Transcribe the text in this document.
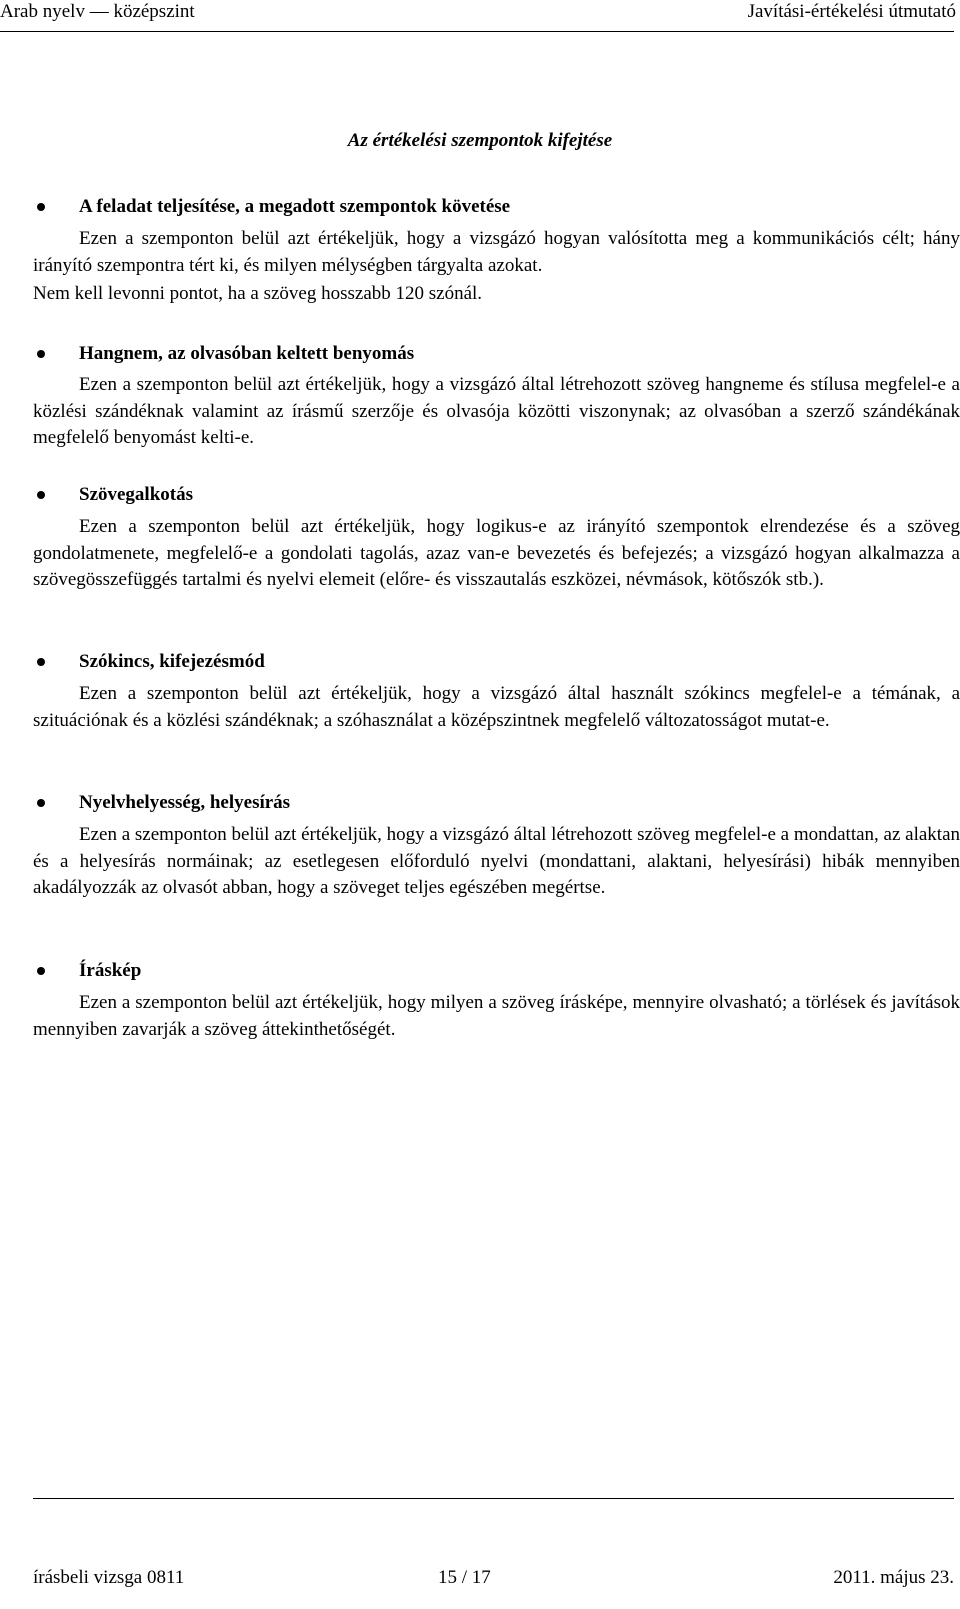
Arab nyelv — középszint	Javítási-értékelési útmutató
Az értékelési szempontok kifejtése
A feladat teljesítése, a megadott szempontok követése
Ezen a szemponton belül azt értékeljük, hogy a vizsgázó hogyan valósította meg a kommunikációs célt; hány irányító szempontra tért ki, és milyen mélységben tárgyalta azokat.
Nem kell levonni pontot, ha a szöveg hosszabb 120 szónál.
Hangnem, az olvasóban keltett benyomás
Ezen a szemponton belül azt értékeljük, hogy a vizsgázó által létrehozott szöveg hangneme és stílusa megfelel-e a közlési szándéknak valamint az írásmű szerzője és olvasója közötti viszonynak; az olvasóban a szerző szándékának megfelelő benyomást kelti-e.
Szövegalkotás
Ezen a szemponton belül azt értékeljük, hogy logikus-e az irányító szempontok elrendezése és a szöveg gondolatmenete, megfelelő-e a gondolati tagolás, azaz van-e bevezetés és befejezés; a vizsgázó hogyan alkalmazza a szövegösszefüggés tartalmi és nyelvi elemeit (előre- és visszautalás eszközei, névmások, kötőszók stb.).
Szókincs, kifejezésmód
Ezen a szemponton belül azt értékeljük, hogy a vizsgázó által használt szókincs megfelel-e a témának, a szituációnak és a közlési szándéknak; a szóhasználat a középszintnek megfelelő változatosságot mutat-e.
Nyelvhelyesség, helyesírás
Ezen a szemponton belül azt értékeljük, hogy a vizsgázó által létrehozott szöveg megfelel-e a mondattan, az alaktan és a helyesírás normáinak; az esetlegesen előforduló nyelvi (mondattani, alaktani, helyesírási) hibák mennyiben akadályozzák az olvasót abban, hogy a szöveget teljes egészében megértse.
Íráskép
Ezen a szemponton belül azt értékeljük, hogy milyen a szöveg írásképe, mennyire olvasható; a törlések és javítások mennyiben zavarják a szöveg áttekinthetőségét.
írásbeli vizsga 0811	15 / 17	2011. május 23.
